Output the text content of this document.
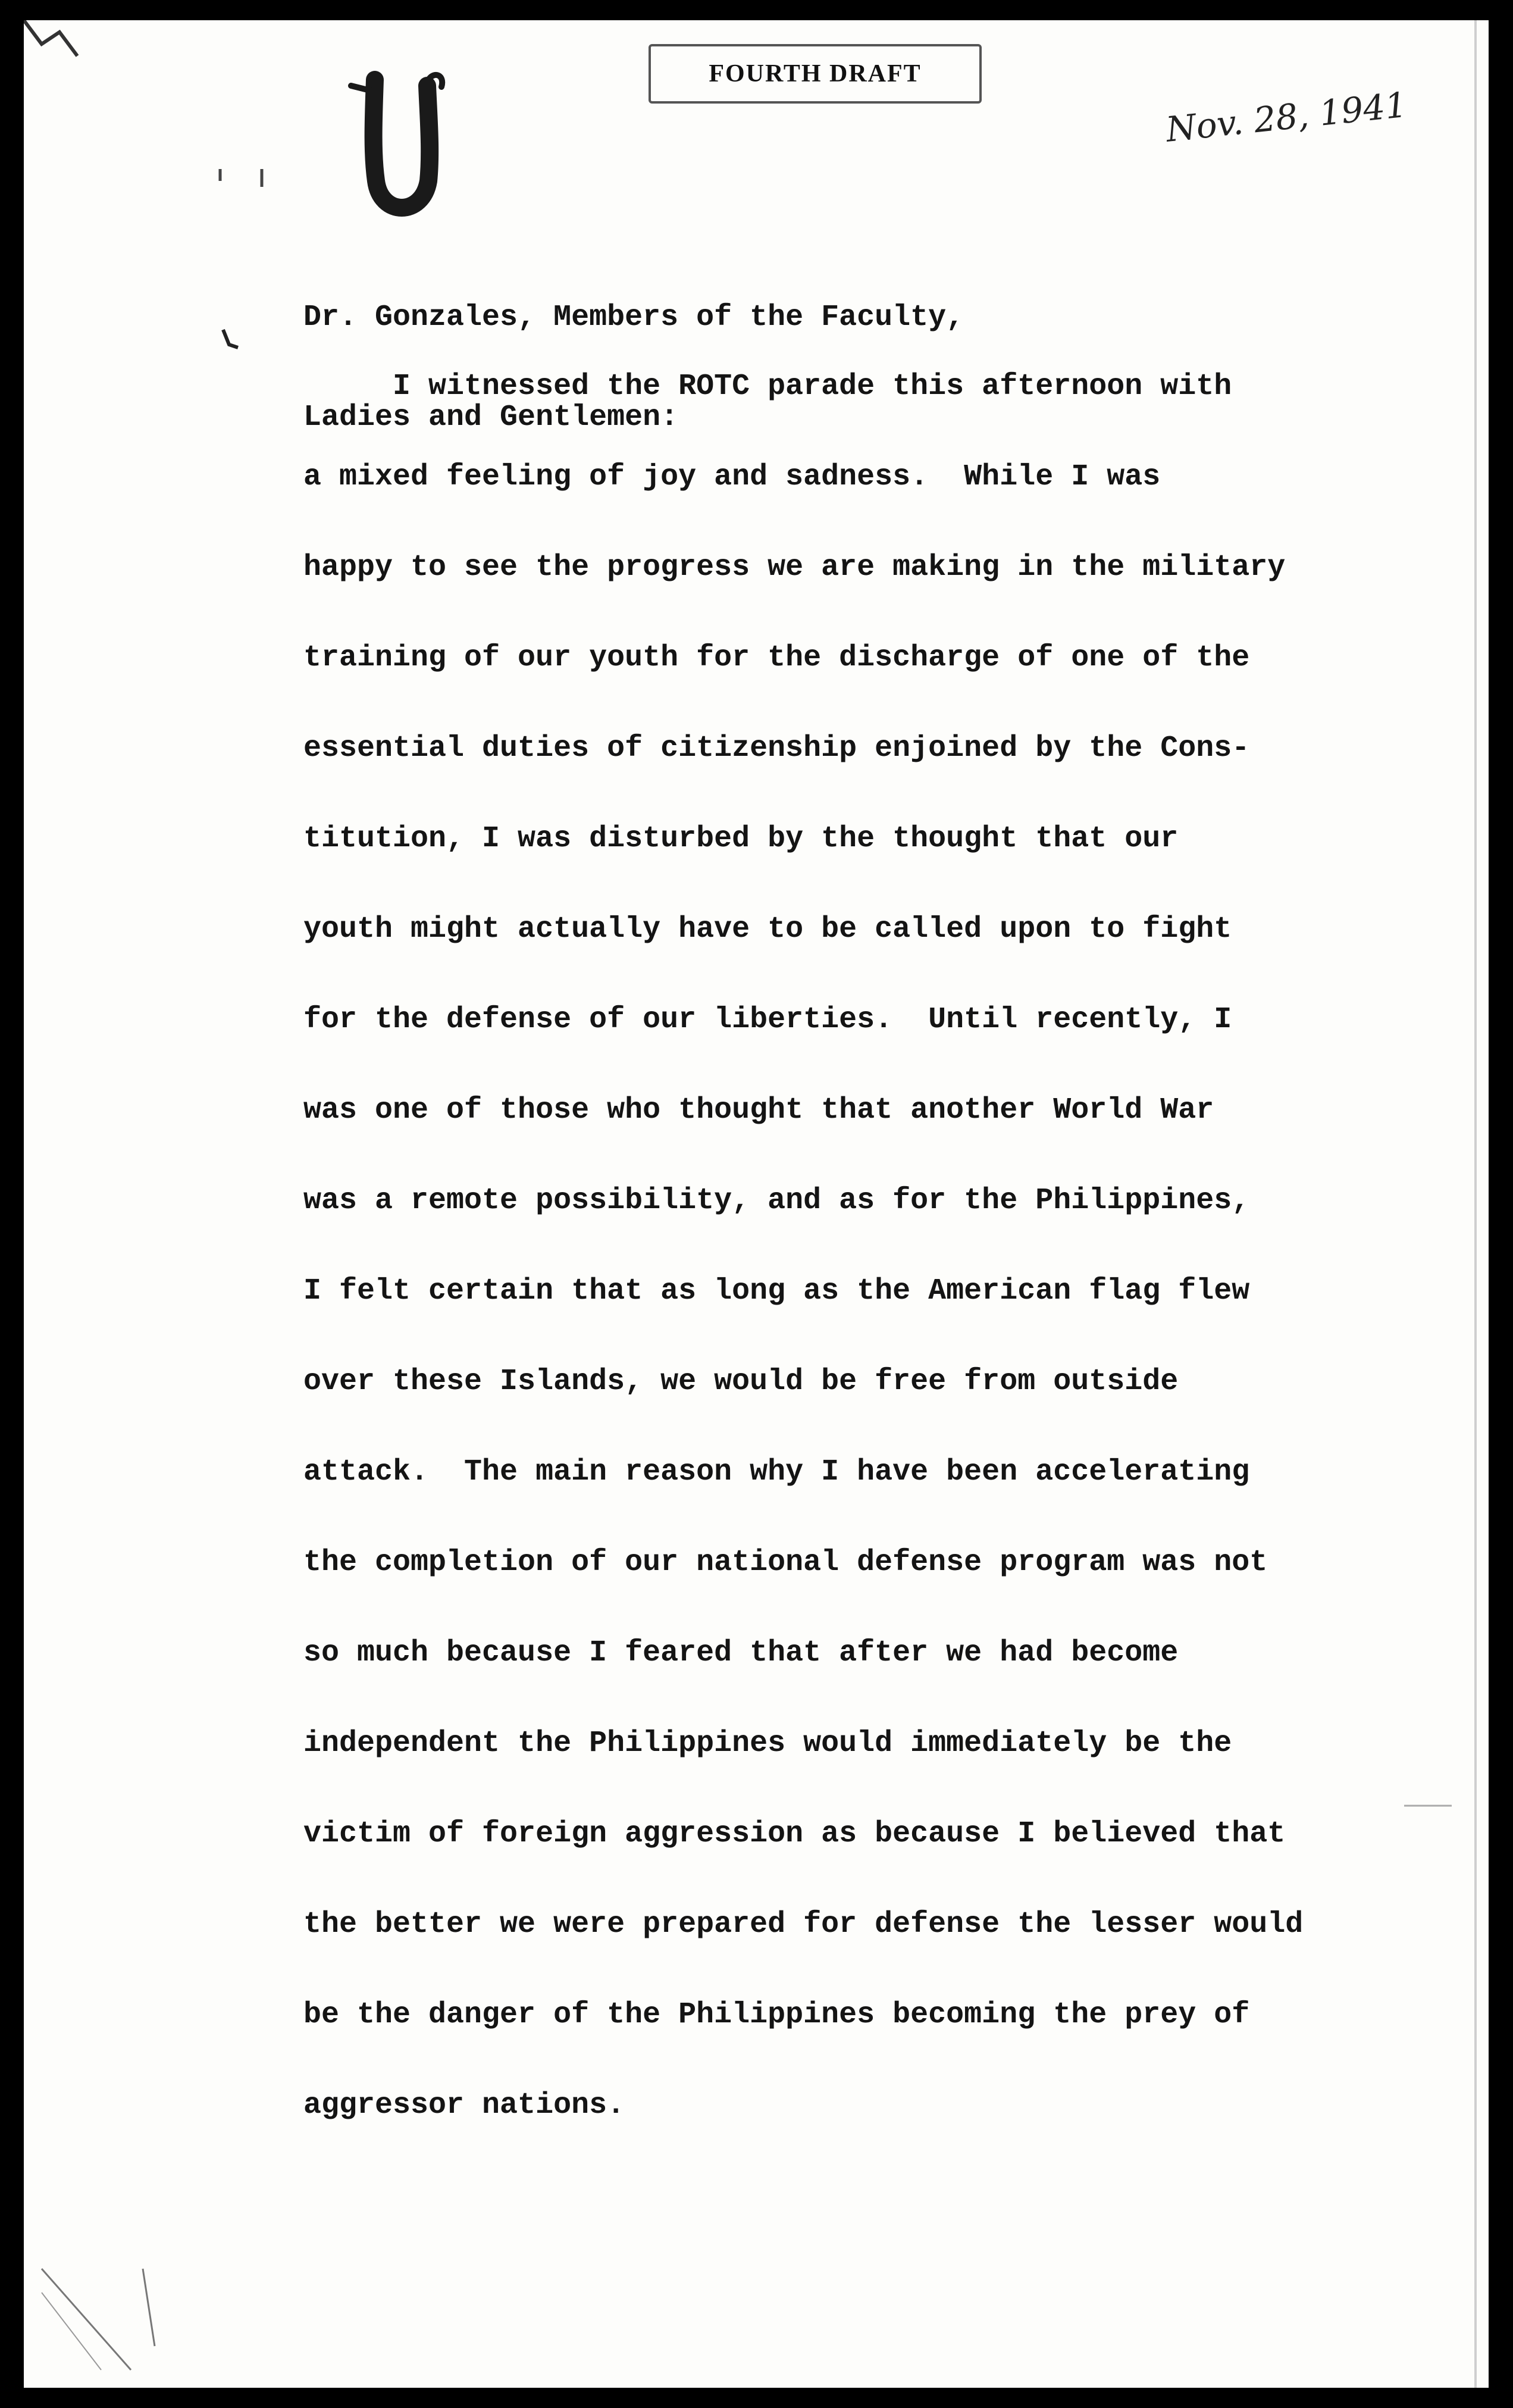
FOURTH DRAFT
Nov. 28, 1941

Dr. Gonzales, Members of the Faculty,

Ladies and Gentlemen:

I witnessed the ROTC parade this afternoon with
a mixed feeling of joy and sadness.  While I was
happy to see the progress we are making in the military
training of our youth for the discharge of one of the
essential duties of citizenship enjoined by the Cons-
titution, I was disturbed by the thought that our
youth might actually have to be called upon to fight
for the defense of our liberties.  Until recently, I
was one of those who thought that another World War
was a remote possibility, and as for the Philippines,
I felt certain that as long as the American flag flew
over these Islands, we would be free from outside
attack.  The main reason why I have been accelerating
the completion of our national defense program was not
so much because I feared that after we had become
independent the Philippines would immediately be the
victim of foreign aggression as because I believed that
the better we were prepared for defense the lesser would
be the danger of the Philippines becoming the prey of
aggressor nations.
